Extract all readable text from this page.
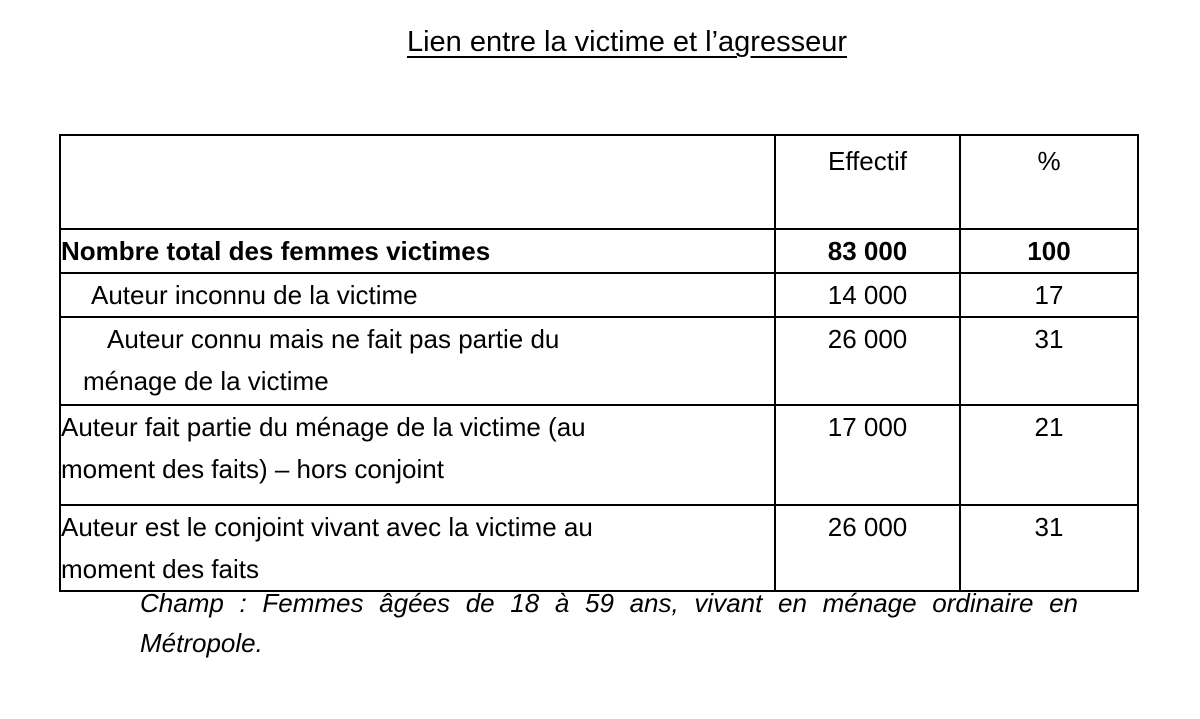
Lien entre la victime et l’agresseur
	Effectif	%
Nombre total des femmes victimes	83 000	100
Auteur inconnu de la victime	14 000	17

Auteur connu mais ne fait pas partie du
ménage de la victime	26 000	31

Auteur fait partie du ménage de la victime (au
moment des faits) – hors conjoint	17 000	21

Auteur est le conjoint vivant avec la victime au
moment des faits	26 000	31
Champ : Femmes âgées de 18 à 59 ans, vivant en ménage ordinaire en Métropole.
